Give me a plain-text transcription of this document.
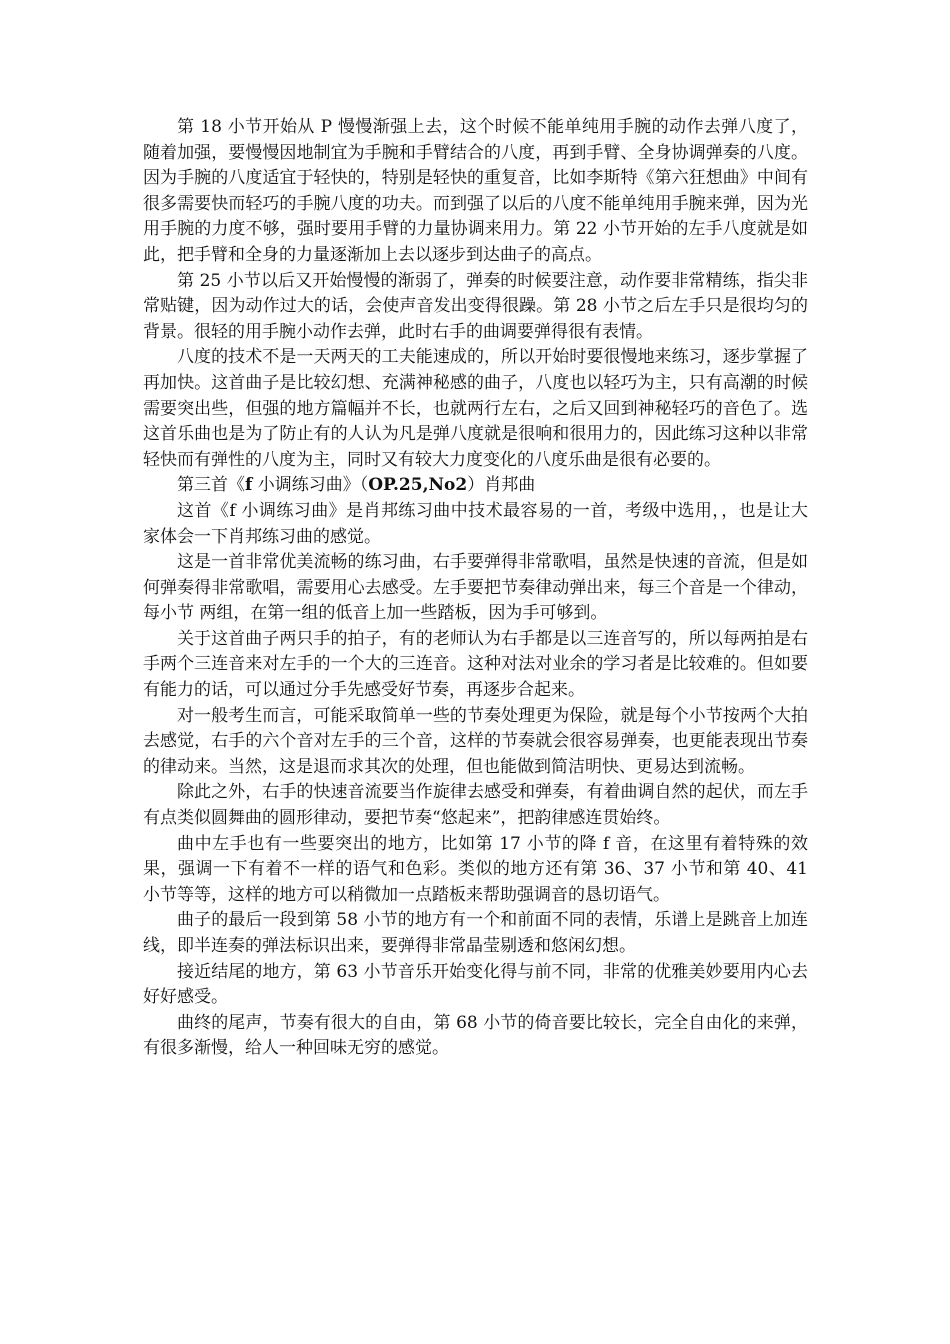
第 18 小节开始从 P 慢慢渐强上去，这个时候不能单纯用手腕的动作去弹八度了，随着加强，要慢慢因地制宜为手腕和手臂结合的八度，再到手臂、全身协调弹奏的八度。因为手腕的八度适宜于轻快的，特别是轻快的重复音，比如李斯特《第六狂想曲》中间有很多需要快而轻巧的手腕八度的功夫。而到强了以后的八度不能单纯用手腕来弹，因为光用手腕的力度不够，强时要用手臂的力量协调来用力。第 22 小节开始的左手八度就是如此，把手臂和全身的力量逐渐加上去以逐步到达曲子的高点。

第 25 小节以后又开始慢慢的渐弱了，弹奏的时候要注意，动作要非常精练，指尖非常贴键，因为动作过大的话，会使声音发出变得很躁。第 28 小节之后左手只是很均匀的背景。很轻的用手腕小动作去弹，此时右手的曲调要弹得很有表情。

八度的技术不是一天两天的工夫能速成的，所以开始时要很慢地来练习，逐步掌握了再加快。这首曲子是比较幻想、充满神秘感的曲子，八度也以轻巧为主，只有高潮的时候需要突出些，但强的地方篇幅并不长，也就两行左右，之后又回到神秘轻巧的音色了。选这首乐曲也是为了防止有的人认为凡是弹八度就是很响和很用力的，因此练习这种以非常轻快而有弹性的八度为主，同时又有较大力度变化的八度乐曲是很有必要的。

第三首《f 小调练习曲》（OP.25,No2）肖邦曲

这首《f 小调练习曲》是肖邦练习曲中技术最容易的一首，考级中选用，，也是让大家体会一下肖邦练习曲的感觉。

这是一首非常优美流畅的练习曲，右手要弹得非常歌唱，虽然是快速的音流，但是如何弹奏得非常歌唱，需要用心去感受。左手要把节奏律动弹出来，每三个音是一个律动，每小节 两组，在第一组的低音上加一些踏板，因为手可够到。

关于这首曲子两只手的拍子，有的老师认为右手都是以三连音写的，所以每两拍是右手两个三连音来对左手的一个大的三连音。这种对法对业余的学习者是比较难的。但如要有能力的话，可以通过分手先感受好节奏，再逐步合起来。

对一般考生而言，可能采取简单一些的节奏处理更为保险，就是每个小节按两个大拍去感觉，右手的六个音对左手的三个音，这样的节奏就会很容易弹奏，也更能表现出节奏的律动来。当然，这是退而求其次的处理，但也能做到简洁明快、更易达到流畅。

除此之外，右手的快速音流要当作旋律去感受和弹奏，有着曲调自然的起伏，而左手有点类似圆舞曲的圆形律动，要把节奏“悠起来”，把韵律感连贯始终。

曲中左手也有一些要突出的地方，比如第 17 小节的降 f 音，在这里有着特殊的效果，强调一下有着不一样的语气和色彩。类似的地方还有第 36、37 小节和第 40、41 小节等等，这样的地方可以稍微加一点踏板来帮助强调音的恳切语气。

曲子的最后一段到第 58 小节的地方有一个和前面不同的表情，乐谱上是跳音上加连线，即半连奏的弹法标识出来，要弹得非常晶莹剔透和悠闲幻想。

接近结尾的地方，第 63 小节音乐开始变化得与前不同，非常的优雅美妙要用内心去好好感受。

曲终的尾声，节奏有很大的自由，第 68 小节的倚音要比较长，完全自由化的来弹，有很多渐慢，给人一种回味无穷的感觉。
